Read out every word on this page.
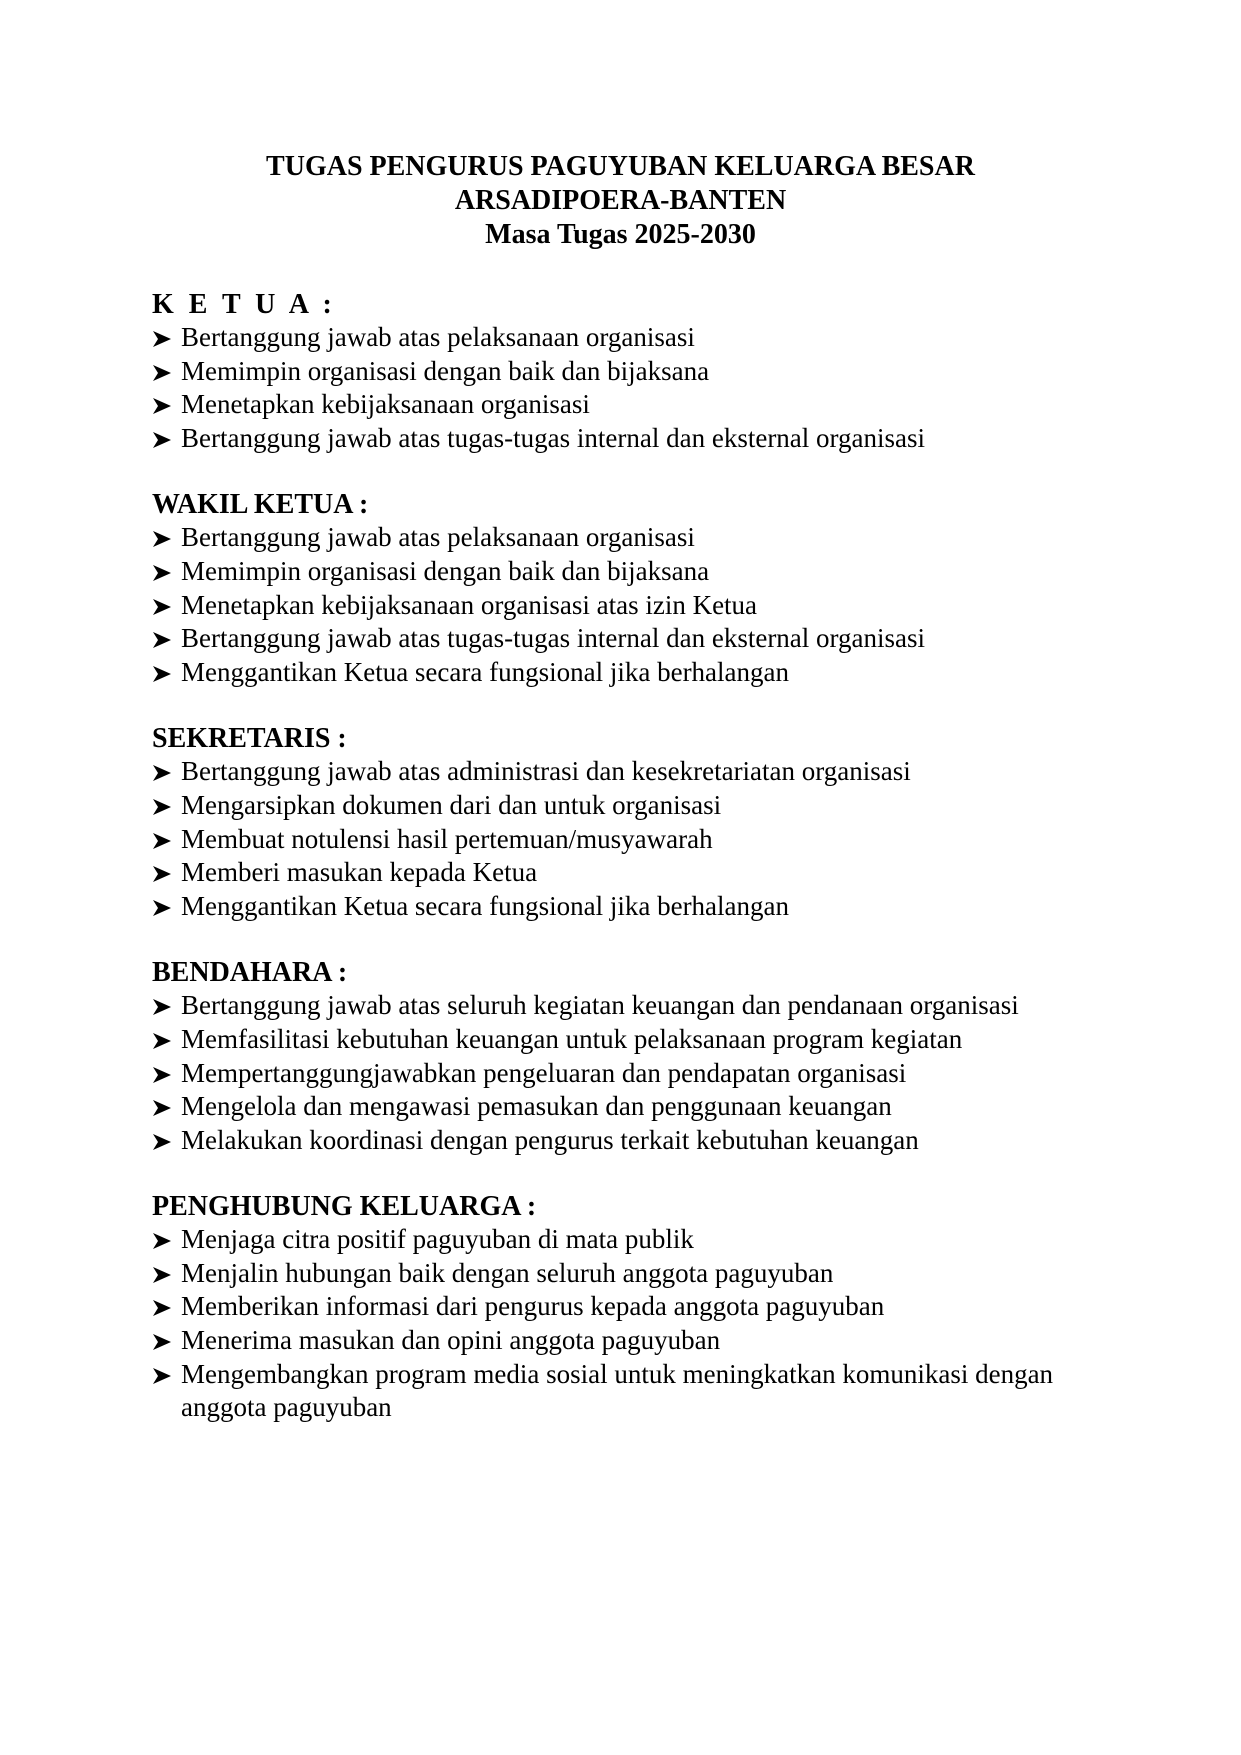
TUGAS PENGURUS PAGUYUBAN KELUARGA BESAR
ARSADIPOERA-BANTEN
Masa Tugas 2025-2030

K E T U A :

Bertanggung jawab atas pelaksanaan organisasi
Memimpin organisasi dengan baik dan bijaksana
Menetapkan kebijaksanaan organisasi
Bertanggung jawab atas tugas-tugas internal dan eksternal organisasi

WAKIL KETUA :

Bertanggung jawab atas pelaksanaan organisasi
Memimpin organisasi dengan baik dan bijaksana
Menetapkan kebijaksanaan organisasi atas izin Ketua
Bertanggung jawab atas tugas-tugas internal dan eksternal organisasi
Menggantikan Ketua secara fungsional jika berhalangan

SEKRETARIS :

Bertanggung jawab atas administrasi dan kesekretariatan organisasi
Mengarsipkan dokumen dari dan untuk organisasi
Membuat notulensi hasil pertemuan/musyawarah
Memberi masukan kepada Ketua
Menggantikan Ketua secara fungsional jika berhalangan

BENDAHARA :

Bertanggung jawab atas seluruh kegiatan keuangan dan pendanaan organisasi
Memfasilitasi kebutuhan keuangan untuk pelaksanaan program kegiatan
Mempertanggungjawabkan pengeluaran dan pendapatan organisasi
Mengelola dan mengawasi pemasukan dan penggunaan keuangan
Melakukan koordinasi dengan pengurus terkait kebutuhan keuangan

PENGHUBUNG KELUARGA :

Menjaga citra positif paguyuban di mata publik
Menjalin hubungan baik dengan seluruh anggota paguyuban
Memberikan informasi dari pengurus kepada anggota paguyuban
Menerima masukan dan opini anggota paguyuban
Mengembangkan program media sosial untuk meningkatkan komunikasi dengan anggota paguyuban
